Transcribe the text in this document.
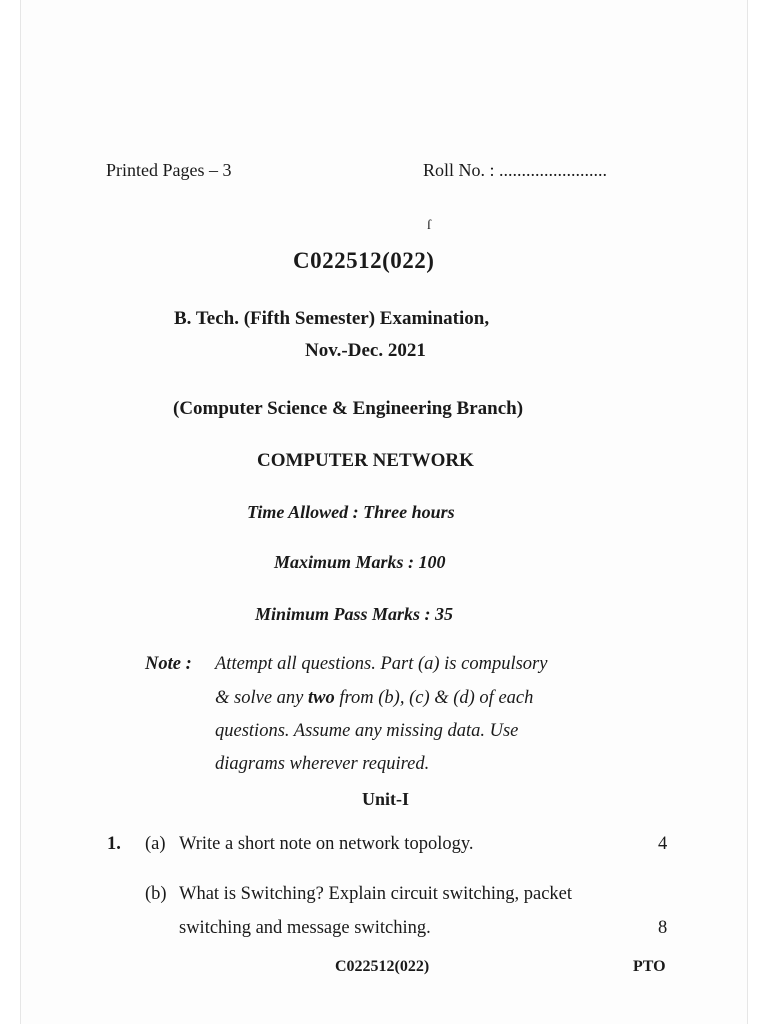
Printed Pages – 3	Roll No. : ........................
ſ
C022512(022)
B. Tech. (Fifth Semester) Examination,
Nov.-Dec. 2021
(Computer Science & Engineering Branch)
COMPUTER NETWORK
Time Allowed : Three hours
Maximum Marks : 100
Minimum Pass Marks : 35
Note : Attempt all questions. Part (a) is compulsory
& solve any two from (b), (c) & (d) of each
questions. Assume any missing data. Use
diagrams wherever required.
Unit-I
1. (a) Write a short note on network topology.	4
(b) What is Switching? Explain circuit switching, packet
switching and message switching.	8
C022512(022)	PTO
